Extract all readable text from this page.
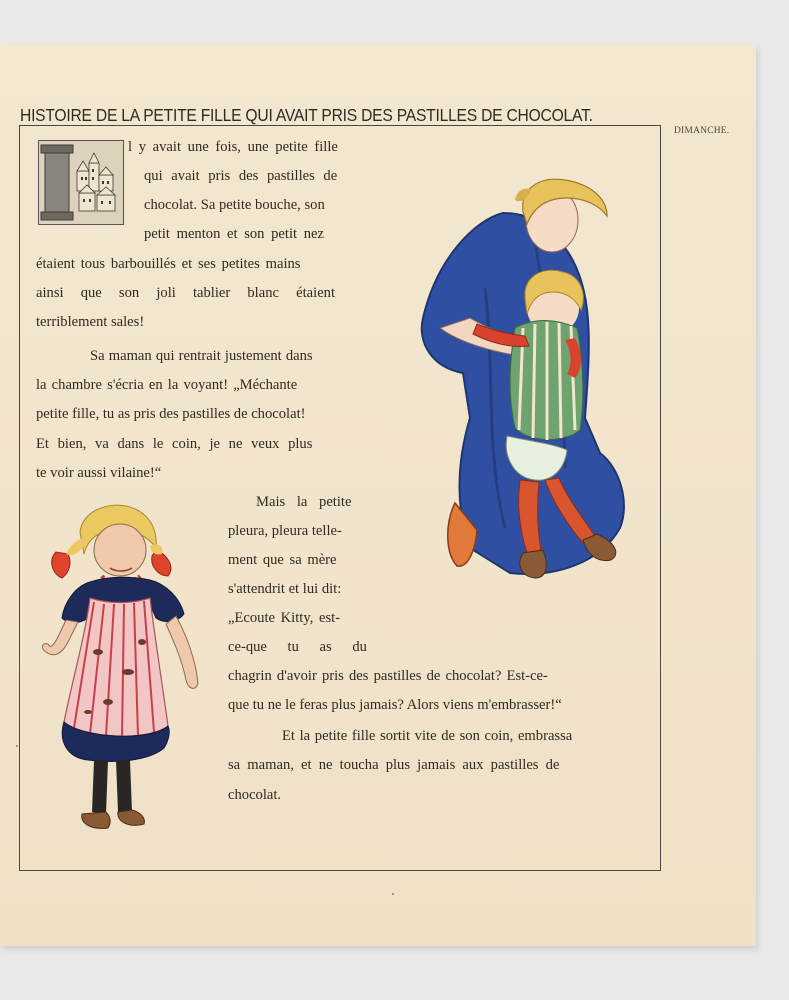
HISTOIRE DE LA PETITE FILLE QUI AVAIT PRIS DES PASTILLES DE CHOCOLAT.
DIMANCHE.
l y avait une fois, une petite fille
qui avait pris des pastilles de
chocolat. Sa petite bouche, son
petit menton et son petit nez
étaient tous barbouillés et ses petites mains
ainsi que son joli tablier blanc étaient
terriblement sales!
Sa maman qui rentrait justement dans
la chambre s'écria en la voyant! „Méchante
petite fille, tu as pris des pastilles de chocolat!
Et bien, va dans le coin, je ne veux plus
te voir aussi vilaine!“
Mais la petite
pleura, pleura telle-
ment que sa mère
s'attendrit et lui dit:
„Ecoute Kitty, est-
ce-que tu as du
chagrin d'avoir pris des pastilles de chocolat? Est-ce-
que tu ne le feras plus jamais? Alors viens m'embrasser!“
Et la petite fille sortit vite de son coin, embrassa
sa maman, et ne toucha plus jamais aux pastilles de
chocolat.
